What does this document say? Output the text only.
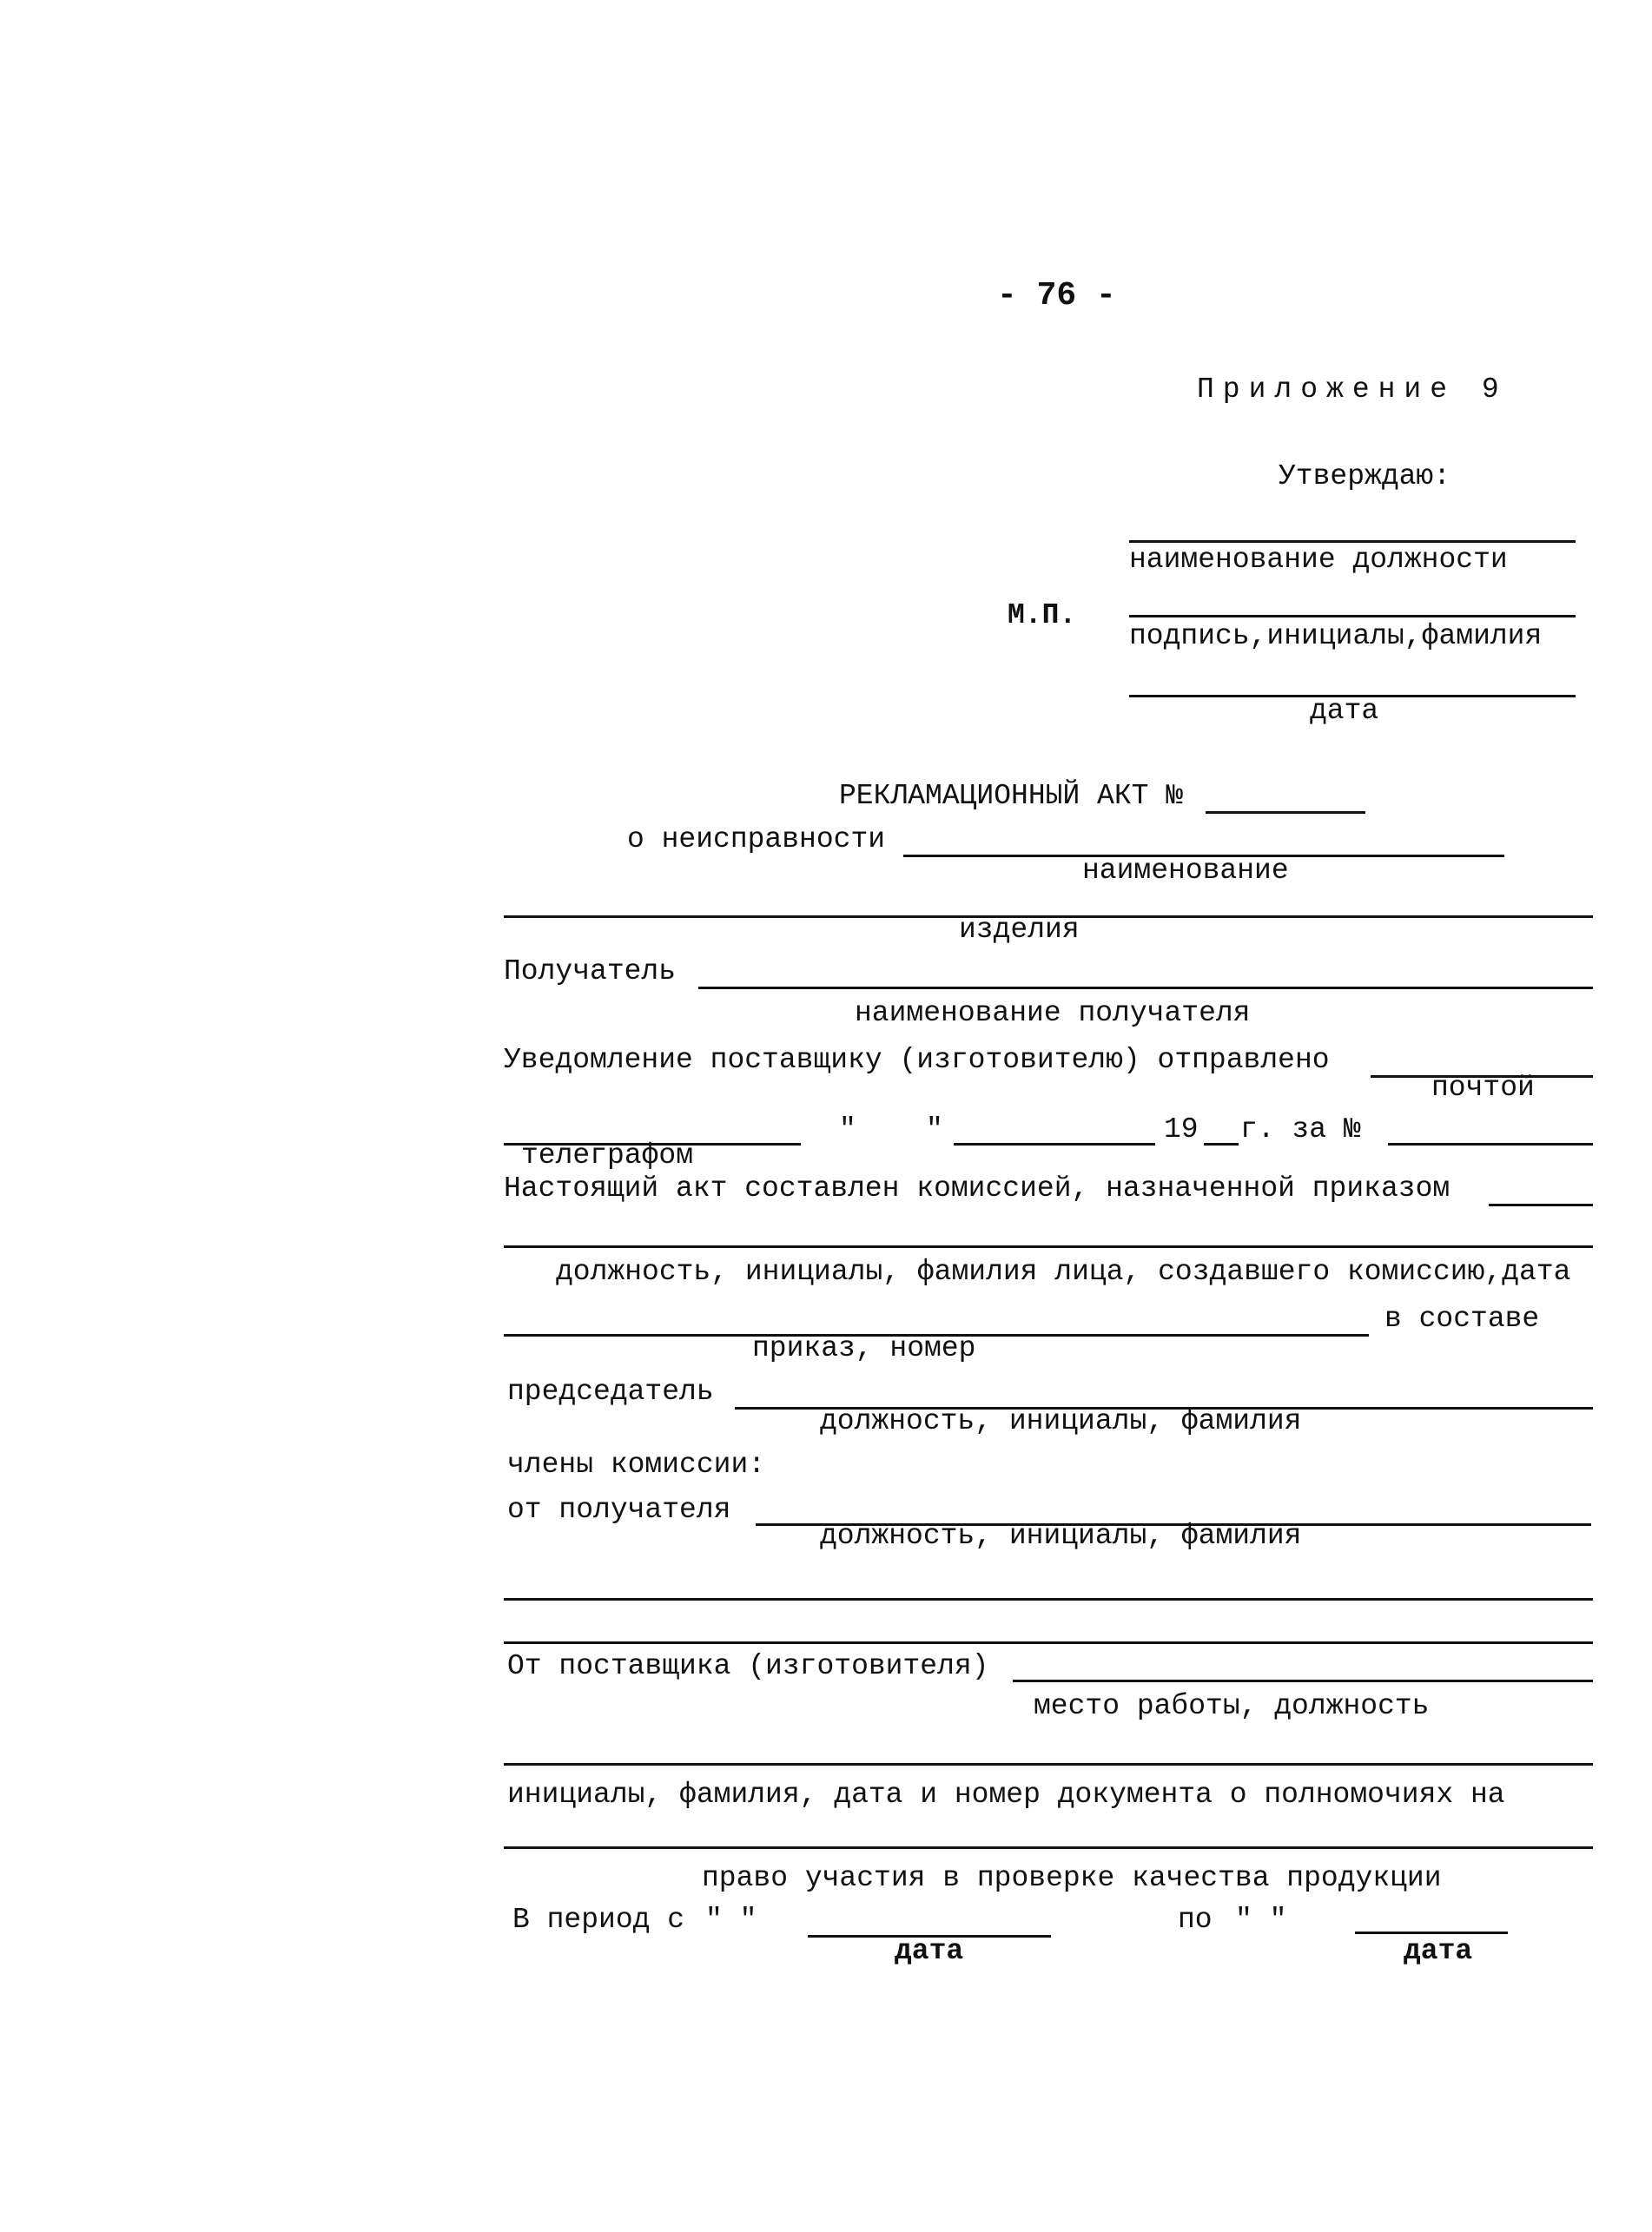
- 76 -
Приложение 9
Утверждаю:
наименование должности
М.П.
подпись,инициалы,фамилия
дата
РЕКЛАМАЦИОННЫЙ АКТ №
о неисправности
наименование
изделия
Получатель
наименование получателя
Уведомление поставщику (изготовителю) отправлено
почтой
" "	19 г. за №
телеграфом
Настоящий акт составлен комиссией, назначенной приказом
должность, инициалы, фамилия лица, создавшего комиссию,дата
в составе
приказ, номер
председатель
должность, инициалы, фамилия
члены комиссии:
от получателя
должность, инициалы, фамилия
От поставщика (изготовителя)
место работы, должность
инициалы, фамилия, дата и номер документа о полномочиях на
право участия в проверке качества продукции
В период с " "	по " "
дата	дата
